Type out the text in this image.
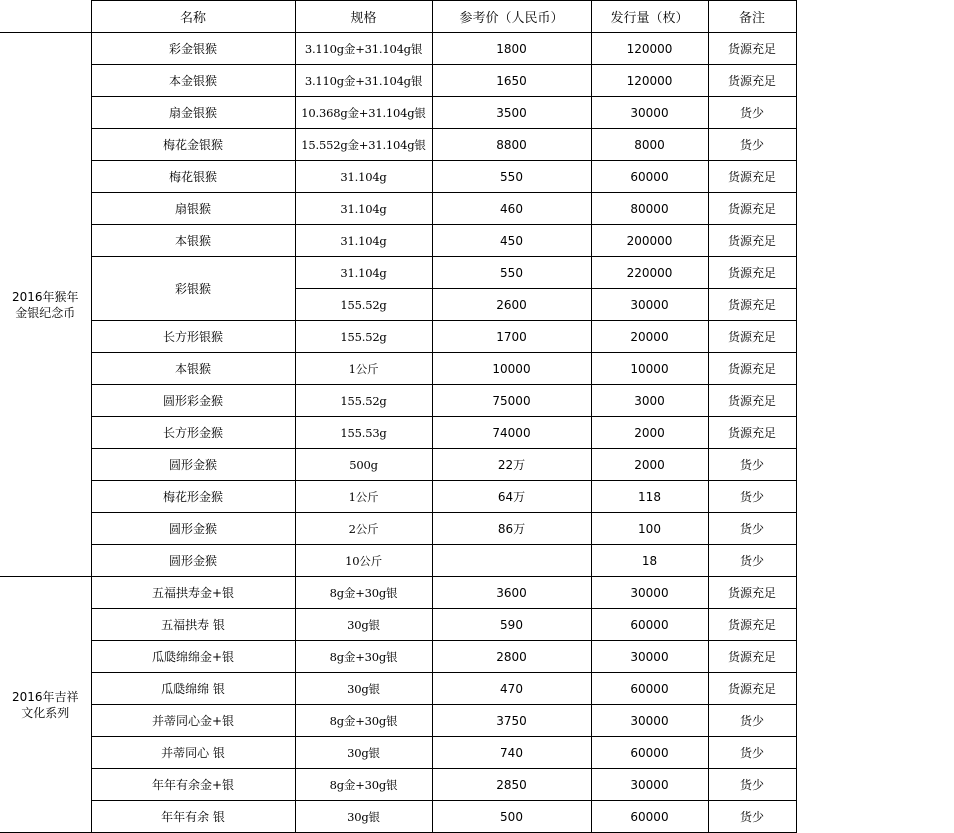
	名称	规格	参考价（人民币）	发行量（枚）	备注
2016年猴年
金银纪念币	彩金银猴	3.110g金+31.104g银	1800	120000	货源充足
	本金银猴	3.110g金+31.104g银	1650	120000	货源充足
	扇金银猴	10.368g金+31.104g银	3500	30000	货少
	梅花金银猴	15.552g金+31.104g银	8800	8000	货少
	梅花银猴	31.104g	550	60000	货源充足
	扇银猴	31.104g	460	80000	货源充足
	本银猴	31.104g	450	200000	货源充足
	彩银猴	31.104g	550	220000	货源充足
		155.52g	2600	30000	货源充足
	长方形银猴	155.52g	1700	20000	货源充足
	本银猴	1公斤	10000	10000	货源充足
	圆形彩金猴	155.52g	75000	3000	货源充足
	长方形金猴	155.53g	74000	2000	货源充足
	圆形金猴	500g	22万	2000	货少
	梅花形金猴	1公斤	64万	118	货少
	圆形金猴	2公斤	86万	100	货少
	圆形金猴	10公斤		18	货少
2016年吉祥
文化系列	五福拱寿金+银	8g金+30g银	3600	30000	货源充足
	五福拱寿 银	30g银	590	60000	货源充足
	瓜瓞绵绵金+银	8g金+30g银	2800	30000	货源充足
	瓜瓞绵绵 银	30g银	470	60000	货源充足
	并蒂同心金+银	8g金+30g银	3750	30000	货少
	并蒂同心 银	30g银	740	60000	货少
	年年有余金+银	8g金+30g银	2850	30000	货少
	年年有余 银	30g银	500	60000	货少
